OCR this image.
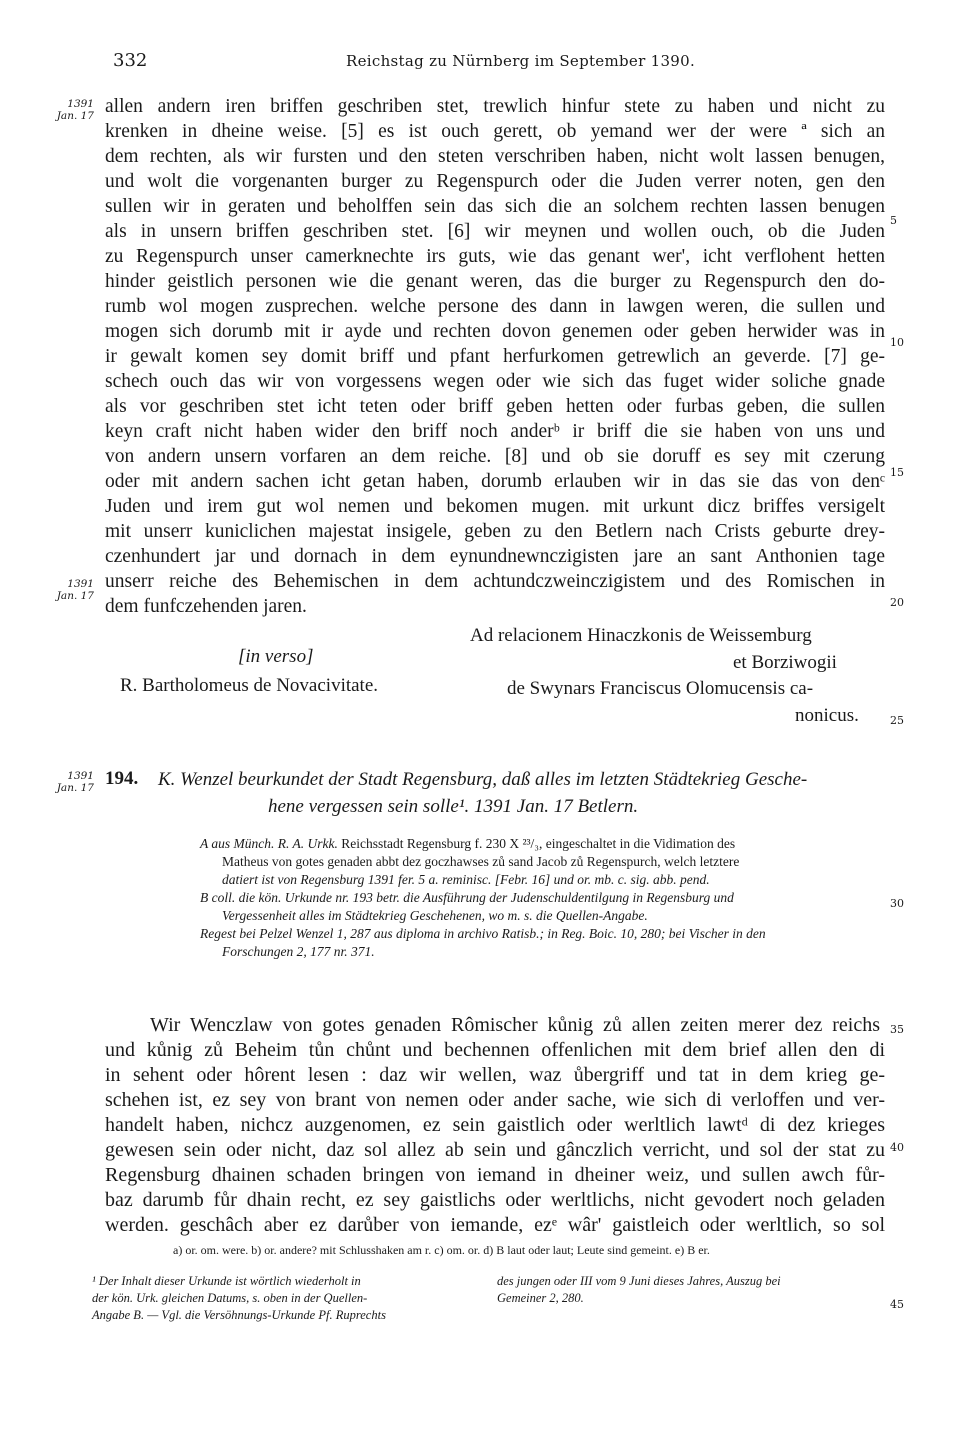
332	Reichstag zu Nürnberg im September 1390.
1391
Jan. 17
1391
Jan. 17
1391
Jan. 17
5
10
15
20
25
30
35
40
45
allen andern iren briffen geschriben stet, trewlich hinfur stete zu haben und nicht zu
krenken in dheine weise. [5] es ist ouch gerett, ob yemand wer der were ª sich an
dem rechten, als wir fursten und den steten verschriben haben, nicht wolt lassen benugen,
und wolt die vorgenanten burger zu Regenspurch oder die Juden verrer noten, gen den
sullen wir in geraten und beholffen sein das sich die an solchem rechten lassen benugen
als in unsern briffen geschriben stet. [6] wir meynen und wollen ouch, ob die Juden
zu Regenspurch unser camerknechte irs guts, wie das genant wer', icht verflohent hetten
hinder geistlich personen wie die genant weren, das die burger zu Regenspurch den do-
rumb wol mogen zusprechen. welche persone des dann in lawgen weren, die sullen und
mogen sich dorumb mit ir ayde und rechten dovon genemen oder geben herwider was in
ir gewalt komen sey domit briff und pfant herfurkomen getrewlich an geverde. [7] ge-
schech ouch das wir von vorgessens wegen oder wie sich das fuget wider soliche gnade
als vor geschriben stet icht teten oder briff geben hetten oder furbas geben, die sullen
keyn craft nicht haben wider den briff noch anderᵇ ir briff die sie haben von uns und
von andern unsern vorfaren an dem reiche. [8] und ob sie doruff es sey mit czerung
oder mit andern sachen icht getan haben, dorumb erlauben wir in das sie das von denᶜ
Juden und irem gut wol nemen und bekomen mugen. mit urkunt dicz briffes versigelt
mit unserr kuniclichen majestat insigele, geben zu den Betlern nach Crists geburte drey-
czenhundert jar und dornach in dem eynundnewnczigisten jare an sant Anthonien tage
unserr reiche des Behemischen in dem achtundczweinczigistem und des Romischen in
dem funfczehenden jaren.
Ad relacionem Hinaczkonis de Weissemburg
[in verso]	et Borziwogii
R. Bartholomeus de Novacivitate.	de Swynars Franciscus Olomucensis ca-
nonicus.
194. K. Wenzel beurkundet der Stadt Regensburg, daß alles im letzten Städtekrieg Gesche-
hene vergessen sein solle¹. 1391 Jan. 17 Betlern.
A aus Münch. R. A. Urkk. Reichsstadt Regensburg f. 230 X ²³/₃, eingeschaltet in die Vidimation des
Matheus von gotes genaden abbt dez goczhawses zů sand Jacob zů Regenspurch, welch letztere
datiert ist von Regensburg 1391 fer. 5 a. reminisc. [Febr. 16] und or. mb. c. sig. abb. pend.
B coll. die kön. Urkunde nr. 193 betr. die Ausführung der Judenschuldentilgung in Regensburg und
Vergessenheit alles im Städtekrieg Geschehenen, wo m. s. die Quellen-Angabe.
Regest bei Pelzel Wenzel 1, 287 aus diploma in archivo Ratisb.; in Reg. Boic. 10, 280; bei Vischer in den
Forschungen 2, 177 nr. 371.
Wir Wenczlaw von gotes genaden Rômischer kůnig zů allen zeiten merer dez reichs
und kůnig zů Beheim tůn chůnt und bechennen offenlichen mit dem brief allen den di
in sehent oder hôrent lesen : daz wir wellen, waz ůbergriff und tat in dem krieg ge-
schehen ist, ez sey von brant von nemen oder ander sache, wie sich di verloffen und ver-
handelt haben, nichcz auzgenomen, ez sein gaistlich oder werltlich lawtᵈ di dez krieges
gewesen sein oder nicht, daz sol allez ab sein und gânczlich verricht, und sol der stat zu
Regensburg dhainen schaden bringen von iemand in dheiner weiz, und sullen awch fůr-
baz darumb fůr dhain recht, ez sey gaistlichs oder werltlichs, nicht gevodert noch geladen
werden. geschâch aber ez darůber von iemande, ezᵉ wâr' gaistleich oder werltlich, so sol
a) or. om. were. b) or. andere? mit Schlusshaken am r. c) om. or. d) B laut oder laut; Leute sind gemeint. e) B er.
¹ Der Inhalt dieser Urkunde ist wörtlich wiederholt in
der kön. Urk. gleichen Datums, s. oben in der Quellen-
Angabe B. — Vgl. die Versöhnungs-Urkunde Pf. Ruprechts
des jungen oder III vom 9 Juni dieses Jahres, Auszug bei
Gemeiner 2, 280.
